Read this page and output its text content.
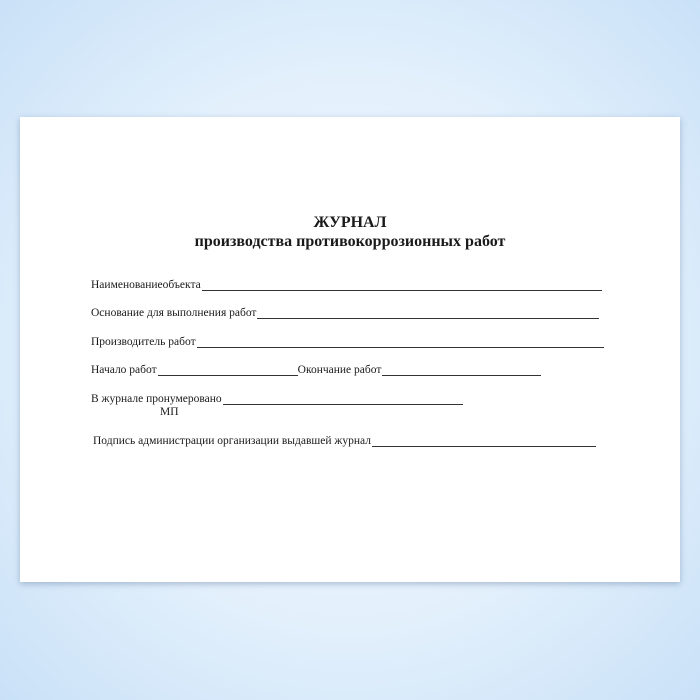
ЖУРНАЛ
производства противокоррозионных работ
Наименованиеобъекта
Основание для выполнения работ
Производитель работ
Начало работ	Окончание работ
В журнале пронумеровано
МП
Подпись администрации организации выдавшей журнал
